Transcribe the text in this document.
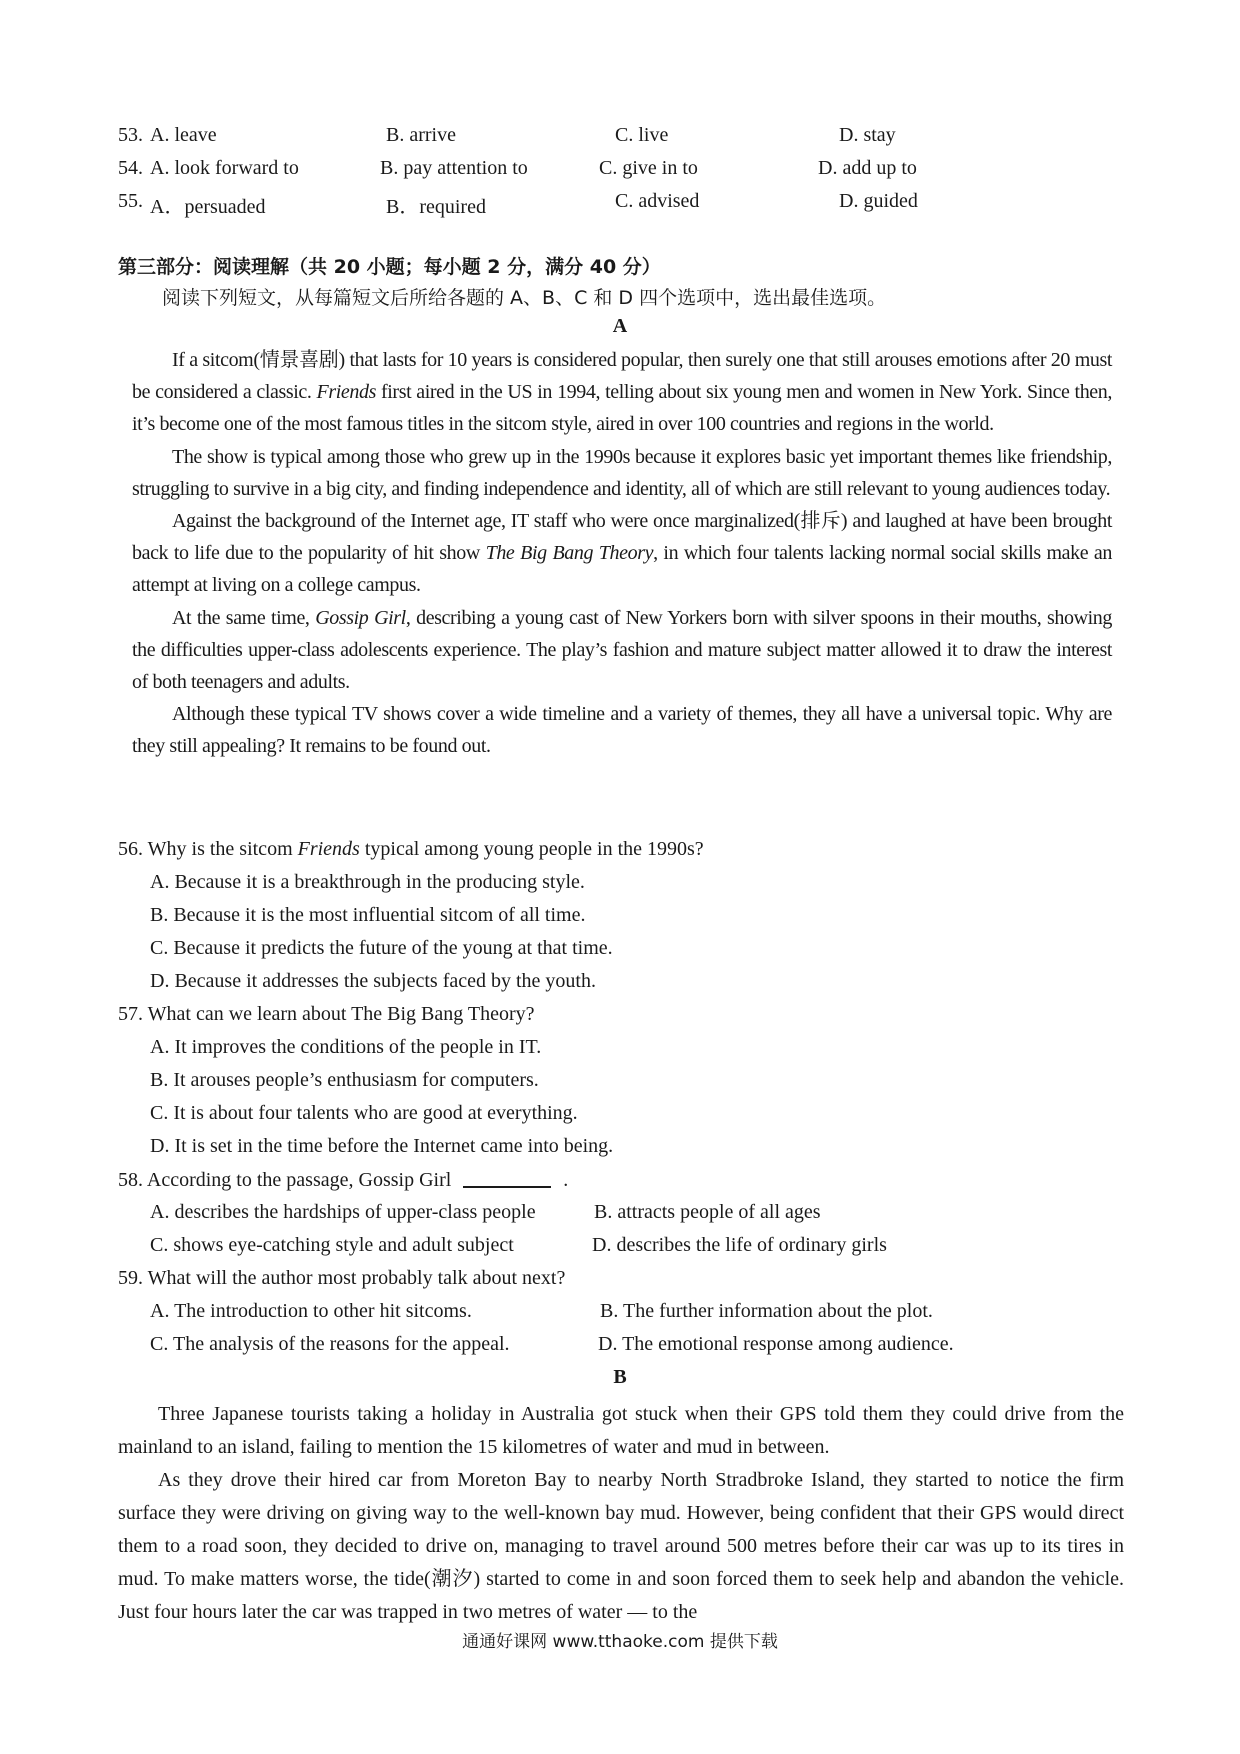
53. A. leave	B. arrive	C. live	D. stay
54. A. look forward to	B. pay attention to	C. give in to	D. add up to
55. A．persuaded	B．required	C. advised	D. guided
第三部分：阅读理解（共 20 小题；每小题 2 分，满分 40 分）
阅读下列短文，从每篇短文后所给各题的 A、B、C 和 D 四个选项中，选出最佳选项。
A

If a sitcom(情景喜剧) that lasts for 10 years is considered popular, then surely one that still arouses emotions after 20 must be considered a classic. Friends first aired in the US in 1994, telling about six young men and women in New York. Since then, it’s become one of the most famous titles in the sitcom style, aired in over 100 countries and regions in the world.

The show is typical among those who grew up in the 1990s because it explores basic yet important themes like friendship, struggling to survive in a big city, and finding independence and identity, all of which are still relevant to young audiences today.

Against the background of the Internet age, IT staff who were once marginalized(排斥) and laughed at have been brought back to life due to the popularity of hit show The Big Bang Theory, in which four talents lacking normal social skills make an attempt at living on a college campus.

At the same time, Gossip Girl, describing a young cast of New Yorkers born with silver spoons in their mouths, showing the difficulties upper-class adolescents experience. The play’s fashion and mature subject matter allowed it to draw the interest of both teenagers and adults.

Although these typical TV shows cover a wide timeline and a variety of themes, they all have a universal topic. Why are they still appealing? It remains to be found out.

56. Why is the sitcom Friends typical among young people in the 1990s?
A. Because it is a breakthrough in the producing style.
B. Because it is the most influential sitcom of all time.
C. Because it predicts the future of the young at that time.
D. Because it addresses the subjects faced by the youth.
57. What can we learn about The Big Bang Theory?
A. It improves the conditions of the people in IT.
B. It arouses people’s enthusiasm for computers.
C. It is about four talents who are good at everything.
D. It is set in the time before the Internet came into being.
58. According to the passage, Gossip Girl	.
A. describes the hardships of upper-class people	B. attracts people of all ages
C. shows eye-catching style and adult subject	D. describes the life of ordinary girls
59. What will the author most probably talk about next?
A. The introduction to other hit sitcoms.	B. The further information about the plot.
C. The analysis of the reasons for the appeal.	D. The emotional response among audience.
B

Three Japanese tourists taking a holiday in Australia got stuck when their GPS told them they could drive from the mainland to an island, failing to mention the 15 kilometres of water and mud in between.

As they drove their hired car from Moreton Bay to nearby North Stradbroke Island, they started to notice the firm surface they were driving on giving way to the well-known bay mud. However, being confident that their GPS would direct them to a road soon, they decided to drive on, managing to travel around 500 metres before their car was up to its tires in mud. To make matters worse, the tide(潮汐) started to come in and soon forced them to seek help and abandon the vehicle. Just four hours later the car was trapped in two metres of water — to the

通通好课网 www.tthaoke.com 提供下载
